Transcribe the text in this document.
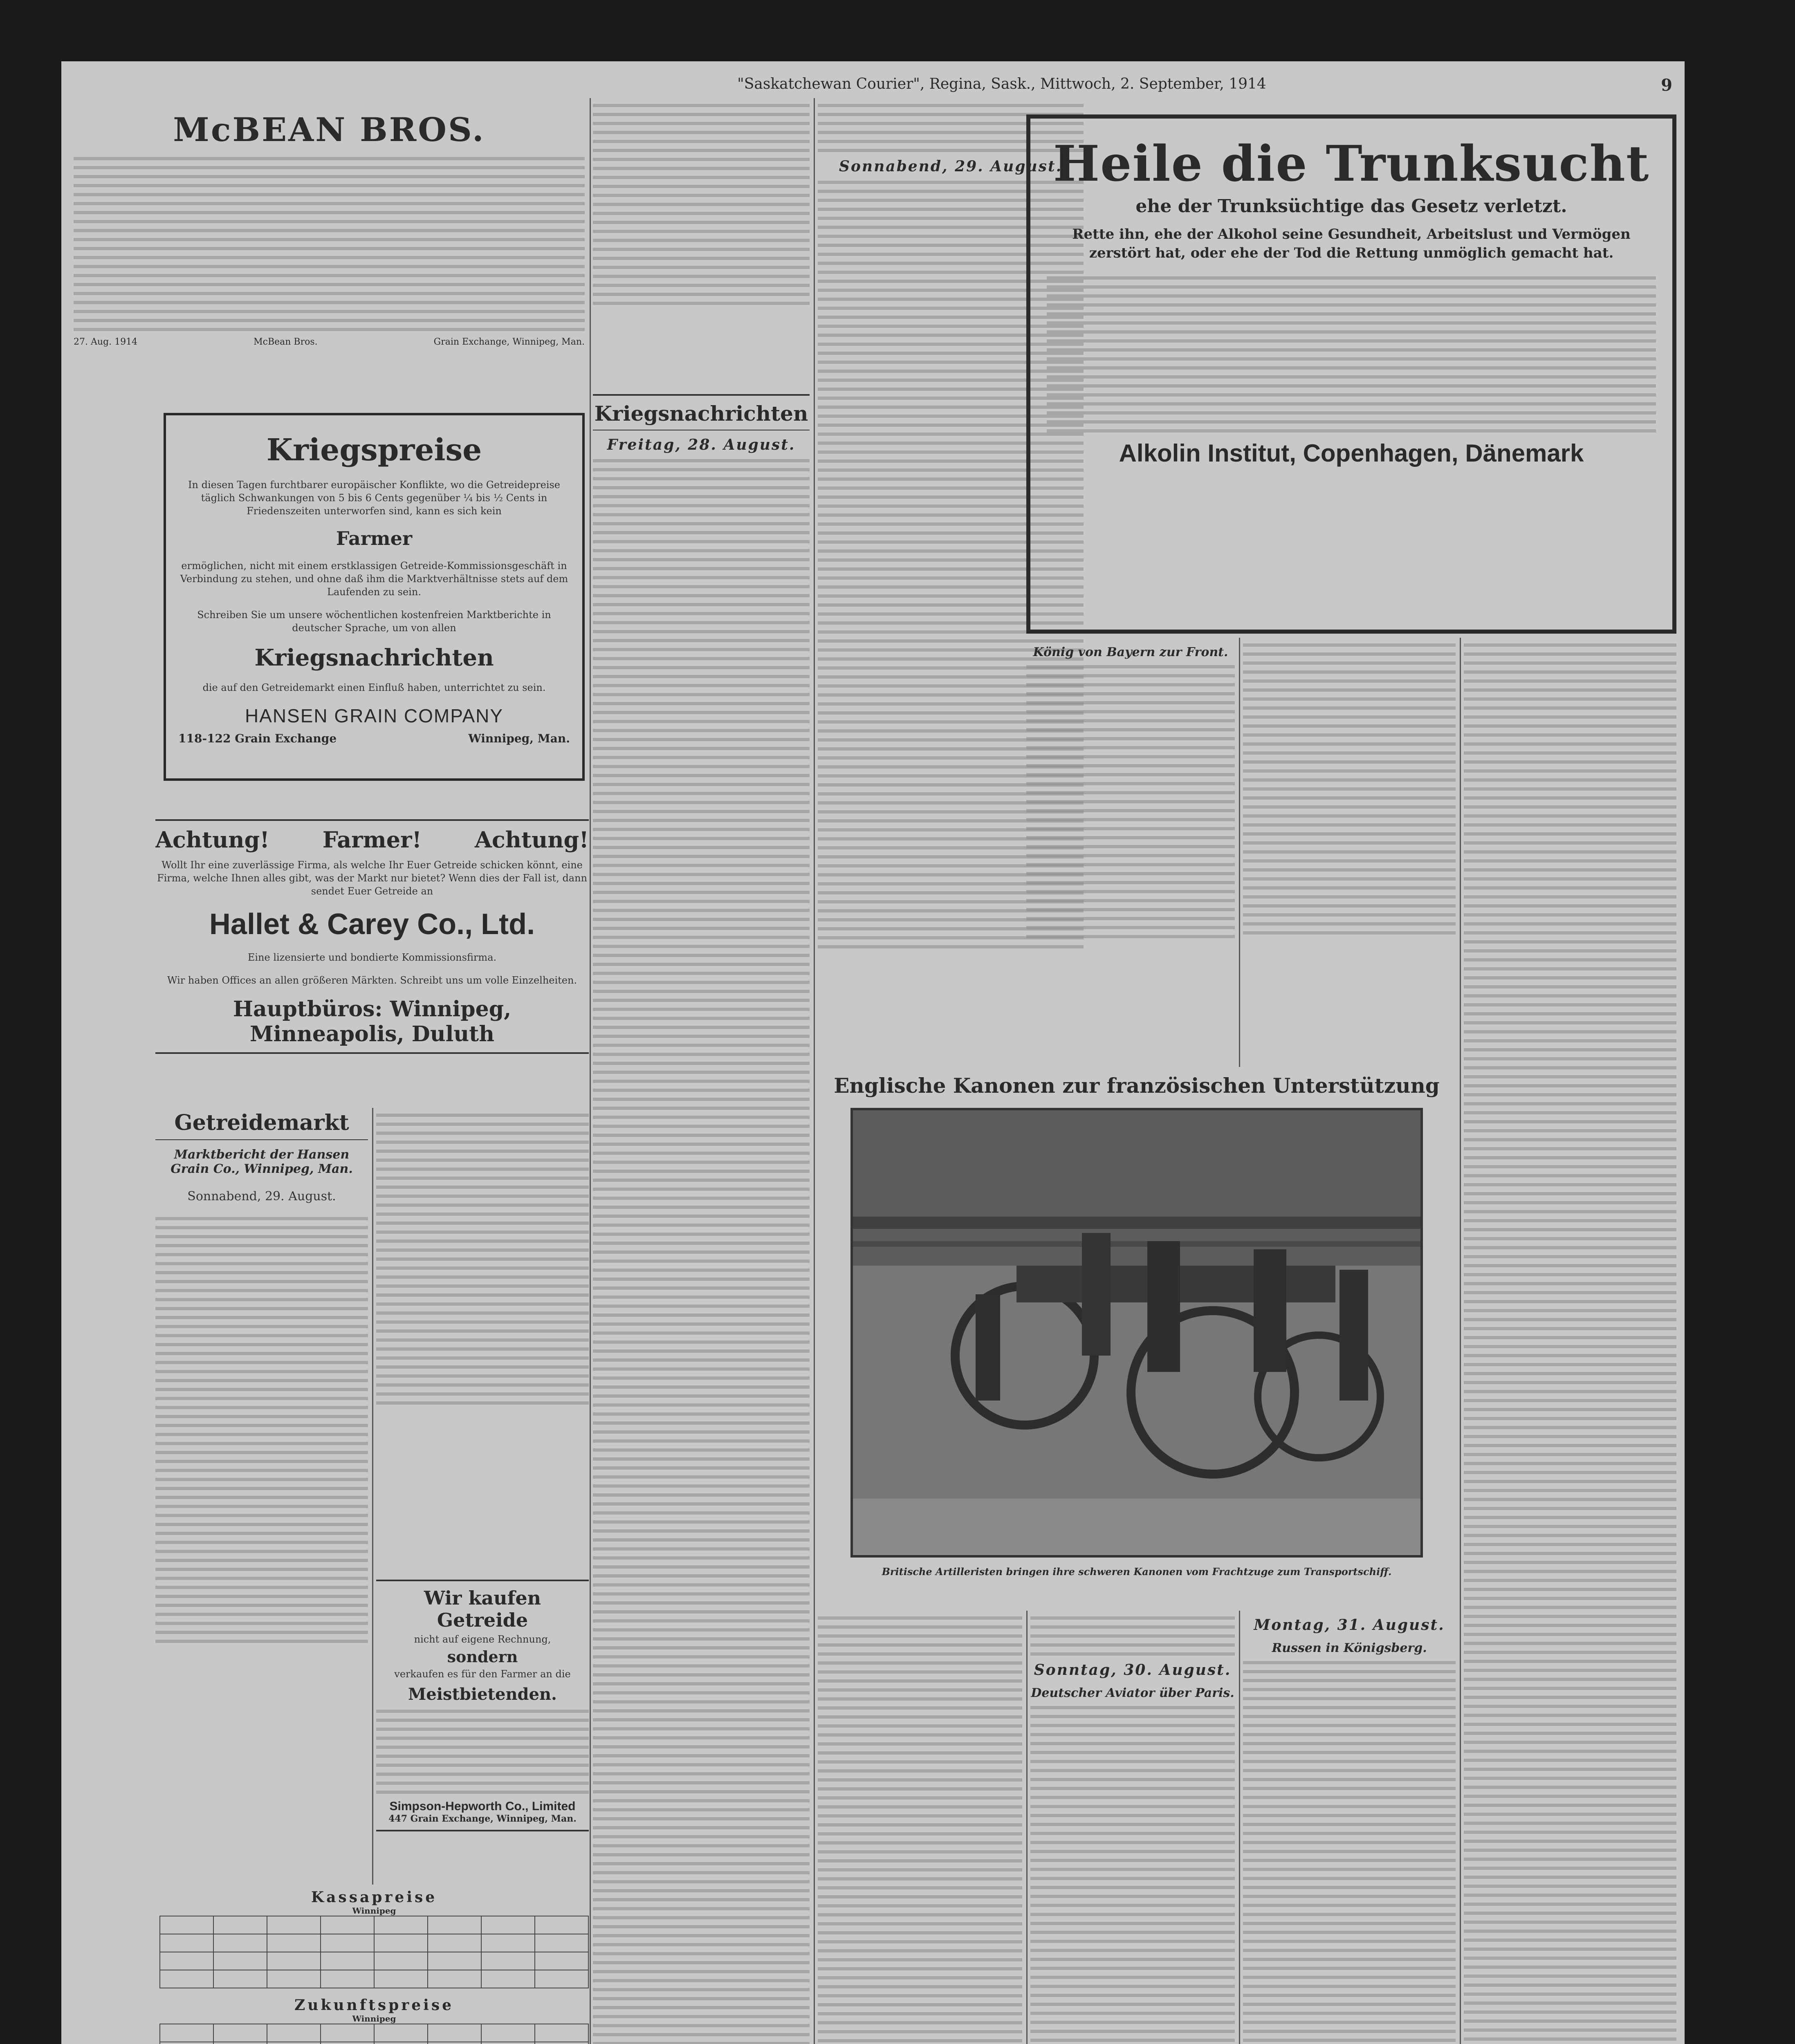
"Saskatchewan Courier", Regina, Sask., Mittwoch, 2. September, 1914	9
McBEAN BROS.
27. Aug. 1914	McBean Bros.	Grain Exchange, Winnipeg, Man.
Kriegspreise

In diesen Tagen furchtbarer europäischer Konflikte, wo die Getreidepreise täglich Schwankungen von 5 bis 6 Cents gegenüber ¼ bis ½ Cents in Friedenszeiten unterworfen sind, kann es sich kein

Farmer

ermöglichen, nicht mit einem erstklassigen Getreide-Kommissionsgeschäft in Verbindung zu stehen, und ohne daß ihm die Marktverhältnisse stets auf dem Laufenden zu sein.

Schreiben Sie um unsere wöchentlichen kostenfreien Marktberichte in deutscher Sprache, um von allen

Kriegsnachrichten

die auf den Getreidemarkt einen Einfluß haben, unterrichtet zu sein.

HANSEN GRAIN COMPANY
118-122 Grain Exchange	Winnipeg, Man.
Achtung! Farmer! Achtung!

Wollt Ihr eine zuverlässige Firma, als welche Ihr Euer Getreide schicken könnt, eine Firma, welche Ihnen alles gibt, was der Markt nur bietet? Wenn dies der Fall ist, dann sendet Euer Getreide an

Hallet & Carey Co., Ltd.

Eine lizensierte und bondierte Kommissionsfirma.

Wir haben Offices an allen größeren Märkten. Schreibt uns um volle Einzelheiten.

Hauptbüros: Winnipeg, Minneapolis, Duluth
Getreidemarkt

Marktbericht der Hansen Grain Co., Winnipeg, Man.

Sonnabend, 29. August.

Wir kaufen Getreide

nicht auf eigene Rechnung,

sondern

verkaufen es für den Farmer an die

Meistbietenden.
Simpson-Hepworth Co., Limited
447 Grain Exchange, Winnipeg, Man.
Kassapreise
Winnipeg

Zukunftspreise
Winnipeg

Kriegsnachrichten
Freitag, 28. August.
Sonnabend, 29. August.
Heile die Trunksucht
ehe der Trunksüchtige das Gesetz verletzt.

Rette ihn, ehe der Alkohol seine Gesundheit, Arbeitslust und Vermögen zerstört hat, oder ehe der Tod die Rettung unmöglich gemacht hat.

Alkolin Institut, Copenhagen, Dänemark
König von Bayern zur Front.
Englische Kanonen zur französischen Unterstützung
Britische Artilleristen bringen ihre schweren Kanonen vom Frachtzuge zum Transportschiff.
Sonntag, 30. August.
Deutscher Aviator über Paris.
Montag, 31. August.
Russen in Königsberg.
